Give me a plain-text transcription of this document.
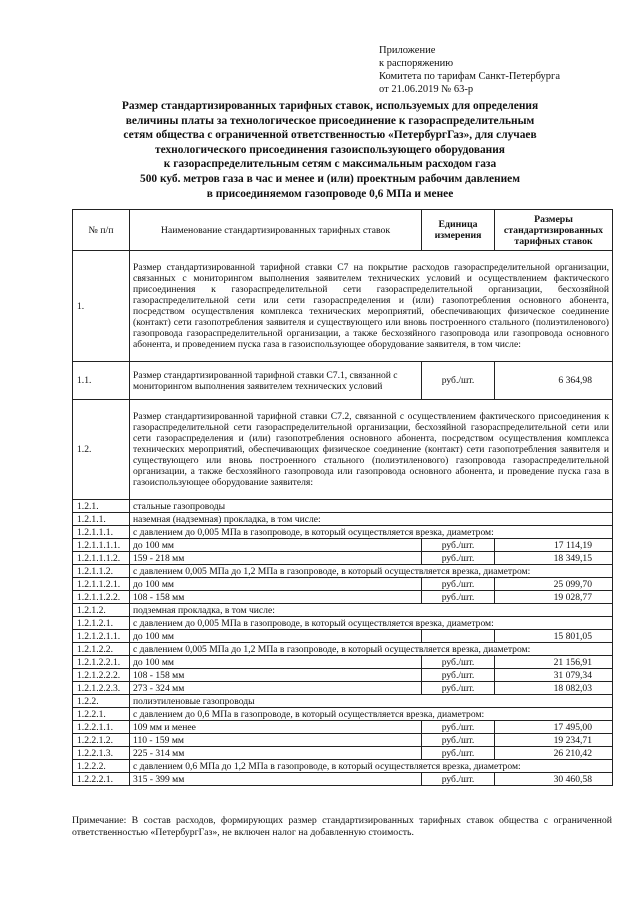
Приложение
к распоряжению
Комитета по тарифам Санкт-Петербурга
от 21.06.2019 № 63-р
Размер стандартизированных тарифных ставок, используемых для определения
величины платы за технологическое присоединение к газораспределительным
сетям общества с ограниченной ответственностью «ПетербургГаз», для случаев
технологического присоединения газоиспользующего оборудования
к газораспределительным сетям с максимальным расходом газа
500 куб. метров газа в час и менее и (или) проектным рабочим давлением
в присоединяемом газопроводе 0,6 МПа и менее
№ п/п	Наименование стандартизированных тарифных ставок	Единица измерения	Размеры стандартизированных тарифных ставок
1.	Размер стандартизированной тарифной ставки С7 на покрытие расходов газораспределительной организации, связанных с мониторингом выполнения заявителем технических условий и осуществлением фактического присоединения к газораспределительной сети газораспределительной организации, бесхозяйной газораспределительной сети или сети газораспределения и (или) газопотребления основного абонента, посредством осуществления комплекса технических мероприятий, обеспечивающих физическое соединение (контакт) сети газопотребления заявителя и существующего или вновь построенного стального (полиэтиленового) газопровода газораспределительной организации, а также бесхозяйного газопровода или газопровода основного абонента, и проведением пуска газа в газоиспользующее оборудование заявителя, в том числе:		
1.1.	Размер стандартизированной тарифной ставки С7.1, связанной с мониторингом выполнения заявителем технических условий	руб./шт.	6 364,98
1.2.	Размер стандартизированной тарифной ставки С7.2, связанной с осуществлением фактического присоединения к газораспределительной сети газораспределительной организации, бесхозяйной газораспределительной сети или сети газораспределения и (или) газопотребления основного абонента, посредством осуществления комплекса технических мероприятий, обеспечивающих физическое соединение (контакт) сети газопотребления заявителя и существующего или вновь построенного стального (полиэтиленового) газопровода газораспределительной организации, а также бесхозяйного газопровода или газопровода основного абонента, и проведение пуска газа в газоиспользующее оборудование заявителя:		
1.2.1.	стальные газопроводы		
1.2.1.1.	наземная (надземная) прокладка, в том числе:		
1.2.1.1.1.	с давлением до 0,005 МПа в газопроводе, в который осуществляется врезка, диаметром:		
1.2.1.1.1.1.	до 100 мм	руб./шт.	17 114,19
1.2.1.1.1.2.	159 - 218 мм	руб./шт.	18 349,15
1.2.1.1.2.	с давлением 0,005 МПа до 1,2 МПа в газопроводе, в который осуществляется врезка, диаметром:		
1.2.1.1.2.1.	до 100 мм	руб./шт.	25 099,70
1.2.1.1.2.2.	108 - 158 мм	руб./шт.	19 028,77
1.2.1.2.	подземная прокладка, в том числе:		
1.2.1.2.1.	с давлением до 0,005 МПа в газопроводе, в который осуществляется врезка, диаметром:		
1.2.1.2.1.1.	до 100 мм		15 801,05
1.2.1.2.2.	с давлением 0,005 МПа до 1,2 МПа в газопроводе, в который осуществляется врезка, диаметром:		
1.2.1.2.2.1.	до 100 мм	руб./шт.	21 156,91
1.2.1.2.2.2.	108 - 158 мм	руб./шт.	31 079,34
1.2.1.2.2.3.	273 - 324 мм	руб./шт.	18 082,03
1.2.2.	полиэтиленовые газопроводы		
1.2.2.1.	с давлением до 0,6 МПа в газопроводе, в который осуществляется врезка, диаметром:		
1.2.2.1.1.	109 мм и менее	руб./шт.	17 495,00
1.2.2.1.2.	110 - 159 мм	руб./шт.	19 234,71
1.2.2.1.3.	225 - 314 мм	руб./шт.	26 210,42
1.2.2.2.	с давлением 0,6 МПа до 1,2 МПа в газопроводе, в который осуществляется врезка, диаметром:		
1.2.2.2.1.	315 - 399 мм	руб./шт.	30 460,58
Примечание: В состав расходов, формирующих размер стандартизированных тарифных ставок общества с ограниченной ответственностью «ПетербургГаз», не включен налог на добавленную стоимость.
